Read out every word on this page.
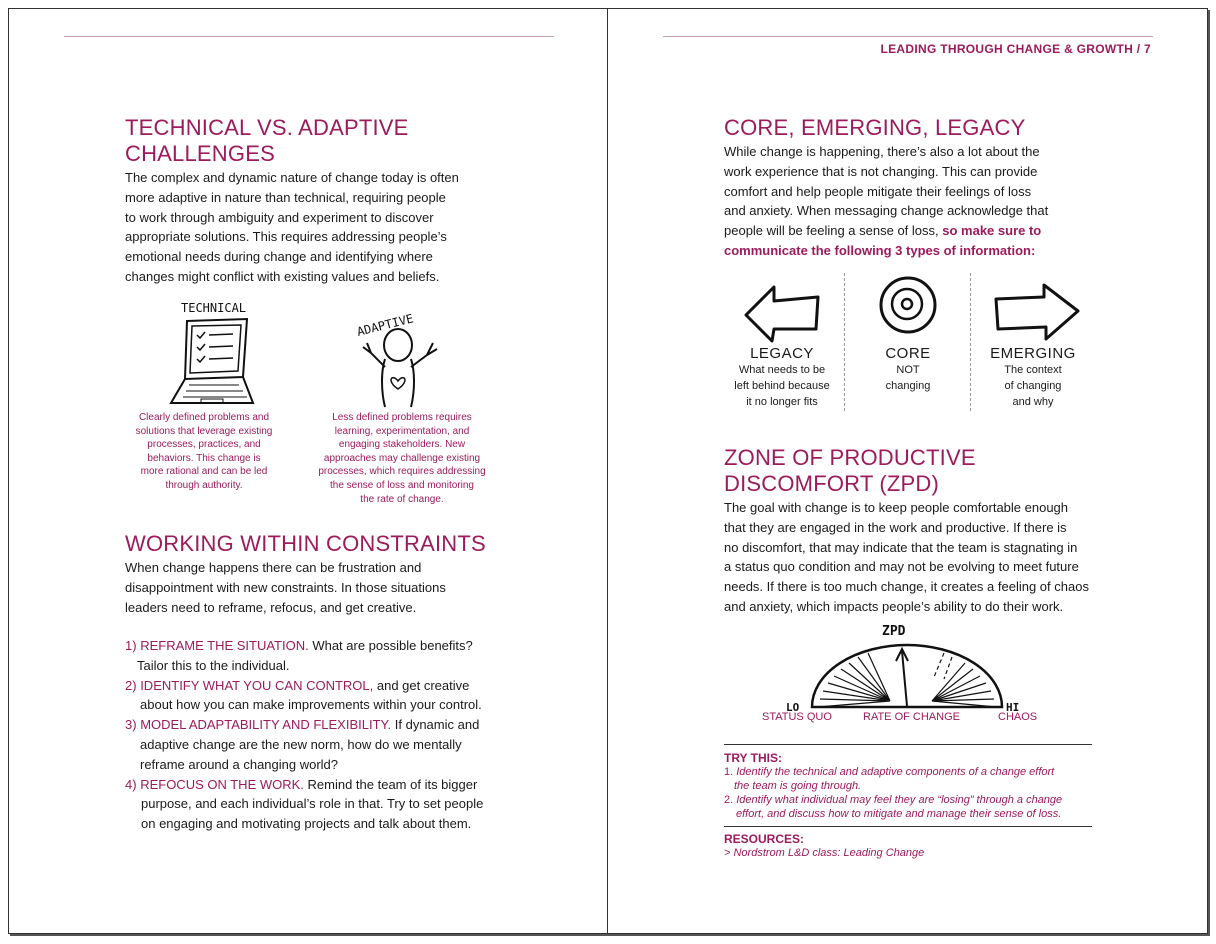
TECHNICAL VS. ADAPTIVE
CHALLENGES

The complex and dynamic nature of change today is often
more adaptive in nature than technical, requiring people
to work through ambiguity and experiment to discover
appropriate solutions. This requires addressing people’s
emotional needs during change and identifying where
changes might conflict with existing values and beliefs.

TECHNICAL
ADAPTIVE

Clearly defined problems and
solutions that leverage existing
processes, practices, and
behaviors. This change is
more rational and can be led
through authority.

Less defined problems requires
learning, experimentation, and
engaging stakeholders. New
approaches may challenge existing
processes, which requires addressing
the sense of loss and monitoring
the rate of change.

WORKING WITHIN CONSTRAINTS

When change happens there can be frustration and
disappointment with new constraints. In those situations
leaders need to reframe, refocus, and get creative.

1) REFRAME THE SITUATION. What are possible benefits?
Tailor this to the individual.
2) IDENTIFY WHAT YOU CAN CONTROL, and get creative
about how you can make improvements within your control.
3) MODEL ADAPTABILITY AND FLEXIBILITY. If dynamic and
adaptive change are the new norm, how do we mentally
reframe around a changing world?
4) REFOCUS ON THE WORK. Remind the team of its bigger
purpose, and each individual’s role in that. Try to set people
on engaging and motivating projects and talk about them.
LEADING THROUGH CHANGE & GROWTH / 7
CORE, EMERGING, LEGACY

While change is happening, there’s also a lot about the
work experience that is not changing. This can provide
comfort and help people mitigate their feelings of loss
and anxiety. When messaging change acknowledge that
people will be feeling a sense of loss, so make sure to
communicate the following 3 types of information:

LEGACY
What needs to be
left behind because
it no longer fits
CORE
NOT
changing
EMERGING
The context
of changing
and why
ZONE OF PRODUCTIVE
DISCOMFORT (ZPD)

The goal with change is to keep people comfortable enough
that they are engaged in the work and productive. If there is
no discomfort, that may indicate that the team is stagnating in
a status quo condition and may not be evolving to meet future
needs. If there is too much change, it creates a feeling of chaos
and anxiety, which impacts people’s ability to do their work.

ZPD
LO	HI
STATUS QUO	RATE OF CHANGE	CHAOS
TRY THIS:
1. Identify the technical and adaptive components of a change effort
the team is going through.
2. Identify what individual may feel they are “losing” through a change
effort, and discuss how to mitigate and manage their sense of loss.
RESOURCES:
> Nordstrom L&D class: Leading Change
